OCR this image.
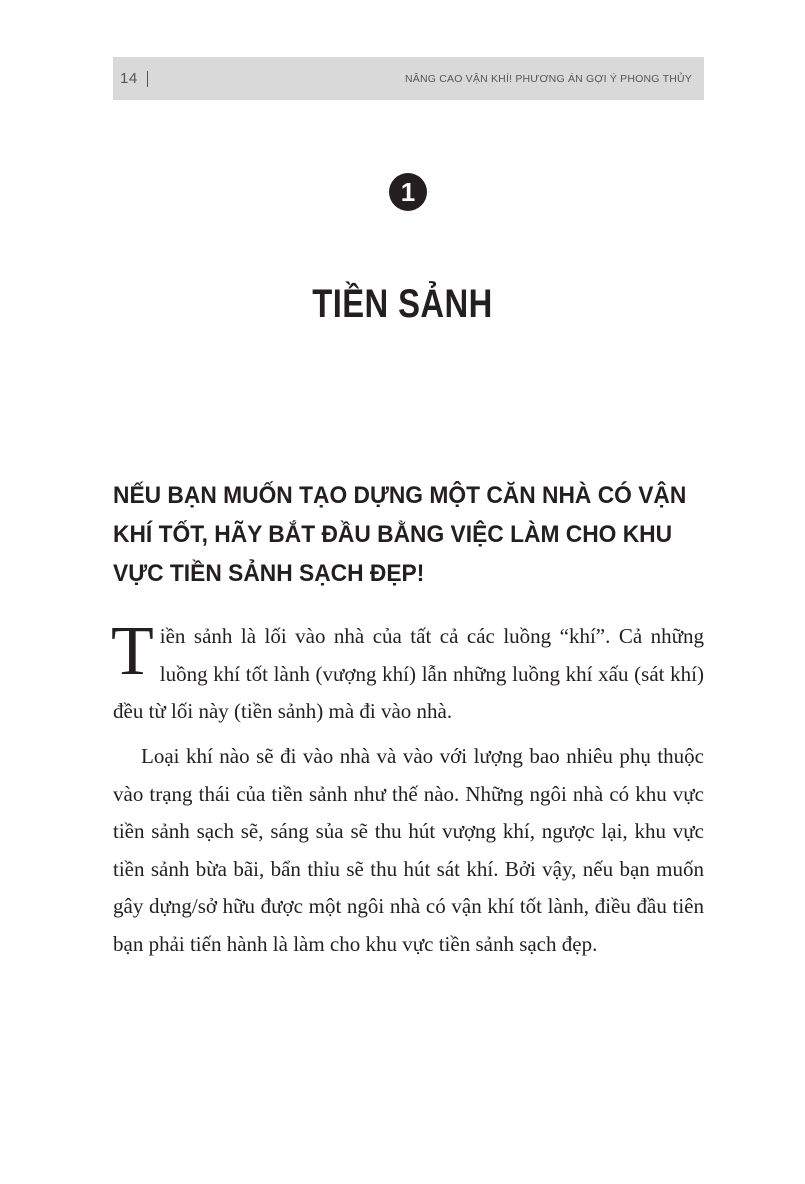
14	NÂNG CAO VẬN KHÍ! PHƯƠNG ÁN GỢI Ý PHONG THỦY
1
TIỀN SẢNH
NẾU BẠN MUỐN TẠO DỰNG MỘT CĂN NHÀ CÓ VẬN KHÍ TỐT, HÃY BẮT ĐẦU BẰNG VIỆC LÀM CHO KHU VỰC TIỀN SẢNH SẠCH ĐẸP!

Tiền sảnh là lối vào nhà của tất cả các luồng “khí”. Cả những luồng khí tốt lành (vượng khí) lẫn những luồng khí xấu (sát khí) đều từ lối này (tiền sảnh) mà đi vào nhà.

Loại khí nào sẽ đi vào nhà và vào với lượng bao nhiêu phụ thuộc vào trạng thái của tiền sảnh như thế nào. Những ngôi nhà có khu vực tiền sảnh sạch sẽ, sáng sủa sẽ thu hút vượng khí, ngược lại, khu vực tiền sảnh bừa bãi, bẩn thỉu sẽ thu hút sát khí. Bởi vậy, nếu bạn muốn gây dựng/sở hữu được một ngôi nhà có vận khí tốt lành, điều đầu tiên bạn phải tiến hành là làm cho khu vực tiền sảnh sạch đẹp.
